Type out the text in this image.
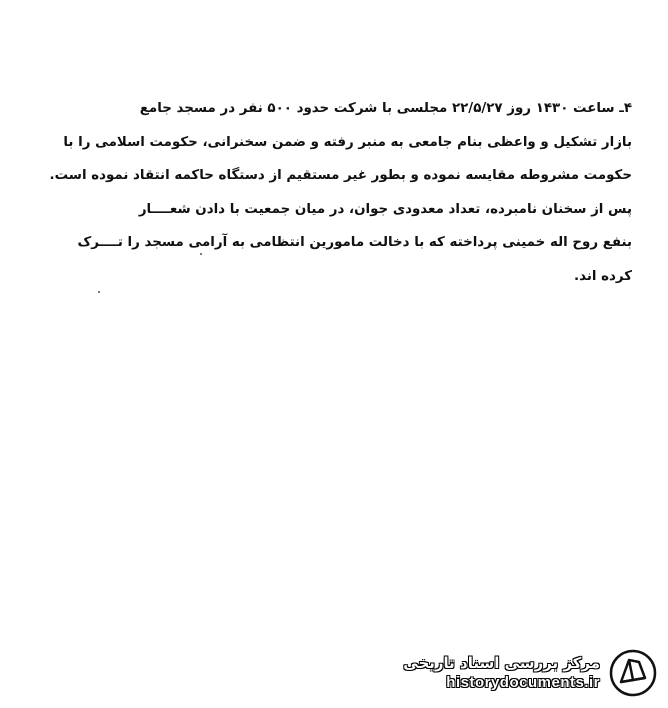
۴ـ ساعت ۱۴۳۰ روز ۲۲/۵/۲۷ مجلسی با شرکت حدود ۵۰۰ نفر در مسجد جامع
بازار تشکیل و واعظی بنام جامعی به منبر رفته و ضمن سخنرانی، حکومت اسلامی را با
حکومت مشروطه مقایسه نموده و بطور غیر مستقیم از دستگاه حاکمه انتقاد نموده است.
پس از سخنان نامبرده، تعداد معدودی جوان، در میان جمعیت با دادن شعــــار
بنفع روح اله خمینی پرداخته که با دخالت مامورین انتظامی به آرامی مسجد را تــــرک
کرده اند.
مرکز بررسی اسناد تاریخی
historydocuments.ir
